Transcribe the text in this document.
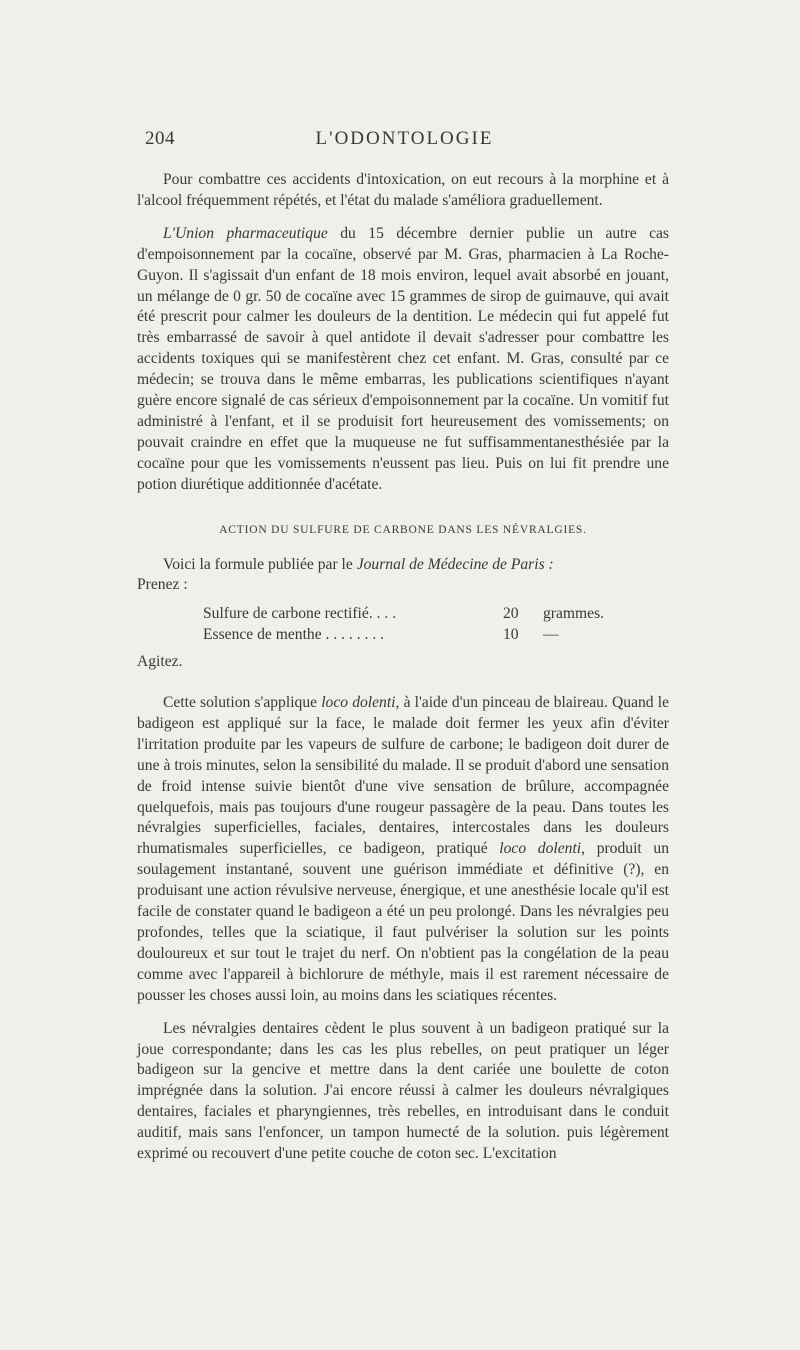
204	L'ODONTOLOGIE

Pour combattre ces accidents d'intoxication, on eut recours à la morphine et à l'alcool fréquemment répétés, et l'état du malade s'améliora graduellement.

L'Union pharmaceutique du 15 décembre dernier publie un autre cas d'empoisonnement par la cocaïne, observé par M. Gras, pharmacien à La Roche-Guyon. Il s'agissait d'un enfant de 18 mois environ, lequel avait absorbé en jouant, un mélange de 0 gr. 50 de cocaïne avec 15 grammes de sirop de guimauve, qui avait été prescrit pour calmer les douleurs de la dentition. Le médecin qui fut appelé fut très embarrassé de savoir à quel antidote il devait s'adresser pour combattre les accidents toxiques qui se manifestèrent chez cet enfant. M. Gras, consulté par ce médecin; se trouva dans le même embarras, les publications scientifiques n'ayant guère encore signalé de cas sérieux d'empoisonnement par la cocaïne. Un vomitif fut administré à l'enfant, et il se produisit fort heureusement des vomissements; on pouvait craindre en effet que la muqueuse ne fut suffisammentanesthésiée par la cocaïne pour que les vomissements n'eussent pas lieu. Puis on lui fit prendre une potion diurétique additionnée d'acétate.

ACTION DU SULFURE DE CARBONE DANS LES NÉVRALGIES.

Voici la formule publiée par le Journal de Médecine de Paris :
Prenez :

Sulfure de carbone rectifié. . . .	20	grammes.
Essence de menthe . . . . . . . .	10	—
Agitez.

Cette solution s'applique loco dolenti, à l'aide d'un pinceau de blaireau. Quand le badigeon est appliqué sur la face, le malade doit fermer les yeux afin d'éviter l'irritation produite par les vapeurs de sulfure de carbone; le badigeon doit durer de une à trois minutes, selon la sensibilité du malade. Il se produit d'abord une sensation de froid intense suivie bientôt d'une vive sensation de brûlure, accompagnée quelquefois, mais pas toujours d'une rougeur passagère de la peau. Dans toutes les névralgies superficielles, faciales, dentaires, intercostales dans les douleurs rhumatismales superficielles, ce badigeon, pratiqué loco dolenti, produit un soulagement instantané, souvent une guérison immédiate et définitive (?), en produisant une action révulsive nerveuse, énergique, et une anesthésie locale qu'il est facile de constater quand le badigeon a été un peu prolongé. Dans les névralgies peu profondes, telles que la sciatique, il faut pulvériser la solution sur les points douloureux et sur tout le trajet du nerf. On n'obtient pas la congélation de la peau comme avec l'appareil à bichlorure de méthyle, mais il est rarement nécessaire de pousser les choses aussi loin, au moins dans les sciatiques récentes.

Les névralgies dentaires cèdent le plus souvent à un badigeon pratiqué sur la joue correspondante; dans les cas les plus rebelles, on peut pratiquer un léger badigeon sur la gencive et mettre dans la dent cariée une boulette de coton imprégnée dans la solution. J'ai encore réussi à calmer les douleurs névralgiques dentaires, faciales et pharyngiennes, très rebelles, en introduisant dans le conduit auditif, mais sans l'enfoncer, un tampon humecté de la solution. puis légèrement exprimé ou recouvert d'une petite couche de coton sec. L'excitation
